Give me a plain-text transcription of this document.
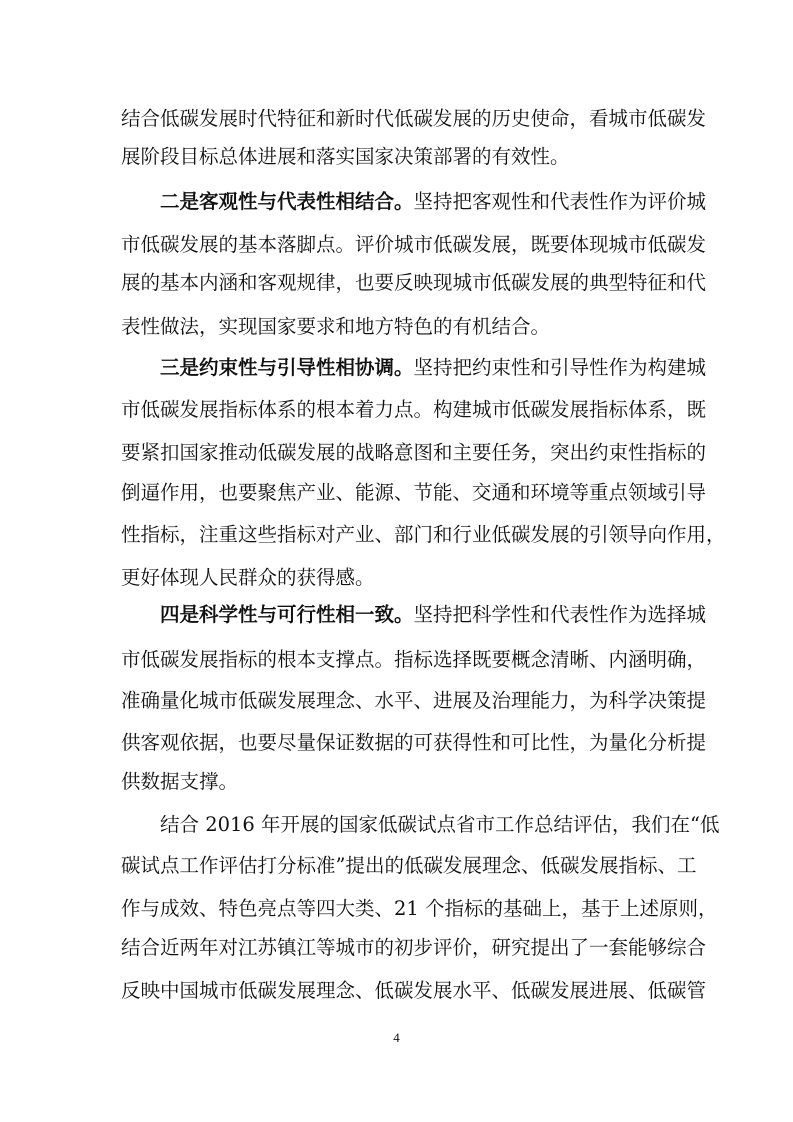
结合低碳发展时代特征和新时代低碳发展的历史使命，看城市低碳发
展阶段目标总体进展和落实国家决策部署的有效性。
二是客观性与代表性相结合。坚持把客观性和代表性作为评价城
市低碳发展的基本落脚点。评价城市低碳发展，既要体现城市低碳发
展的基本内涵和客观规律，也要反映现城市低碳发展的典型特征和代
表性做法，实现国家要求和地方特色的有机结合。
三是约束性与引导性相协调。坚持把约束性和引导性作为构建城
市低碳发展指标体系的根本着力点。构建城市低碳发展指标体系，既
要紧扣国家推动低碳发展的战略意图和主要任务，突出约束性指标的
倒逼作用，也要聚焦产业、能源、节能、交通和环境等重点领域引导
性指标，注重这些指标对产业、部门和行业低碳发展的引领导向作用，
更好体现人民群众的获得感。
四是科学性与可行性相一致。坚持把科学性和代表性作为选择城
市低碳发展指标的根本支撑点。指标选择既要概念清晰、内涵明确，
准确量化城市低碳发展理念、水平、进展及治理能力，为科学决策提
供客观依据，也要尽量保证数据的可获得性和可比性，为量化分析提
供数据支撑。
结合 2016 年开展的国家低碳试点省市工作总结评估，我们在“低
碳试点工作评估打分标准”提出的低碳发展理念、低碳发展指标、工
作与成效、特色亮点等四大类、21 个指标的基础上，基于上述原则，
结合近两年对江苏镇江等城市的初步评价，研究提出了一套能够综合
反映中国城市低碳发展理念、低碳发展水平、低碳发展进展、低碳管
4
